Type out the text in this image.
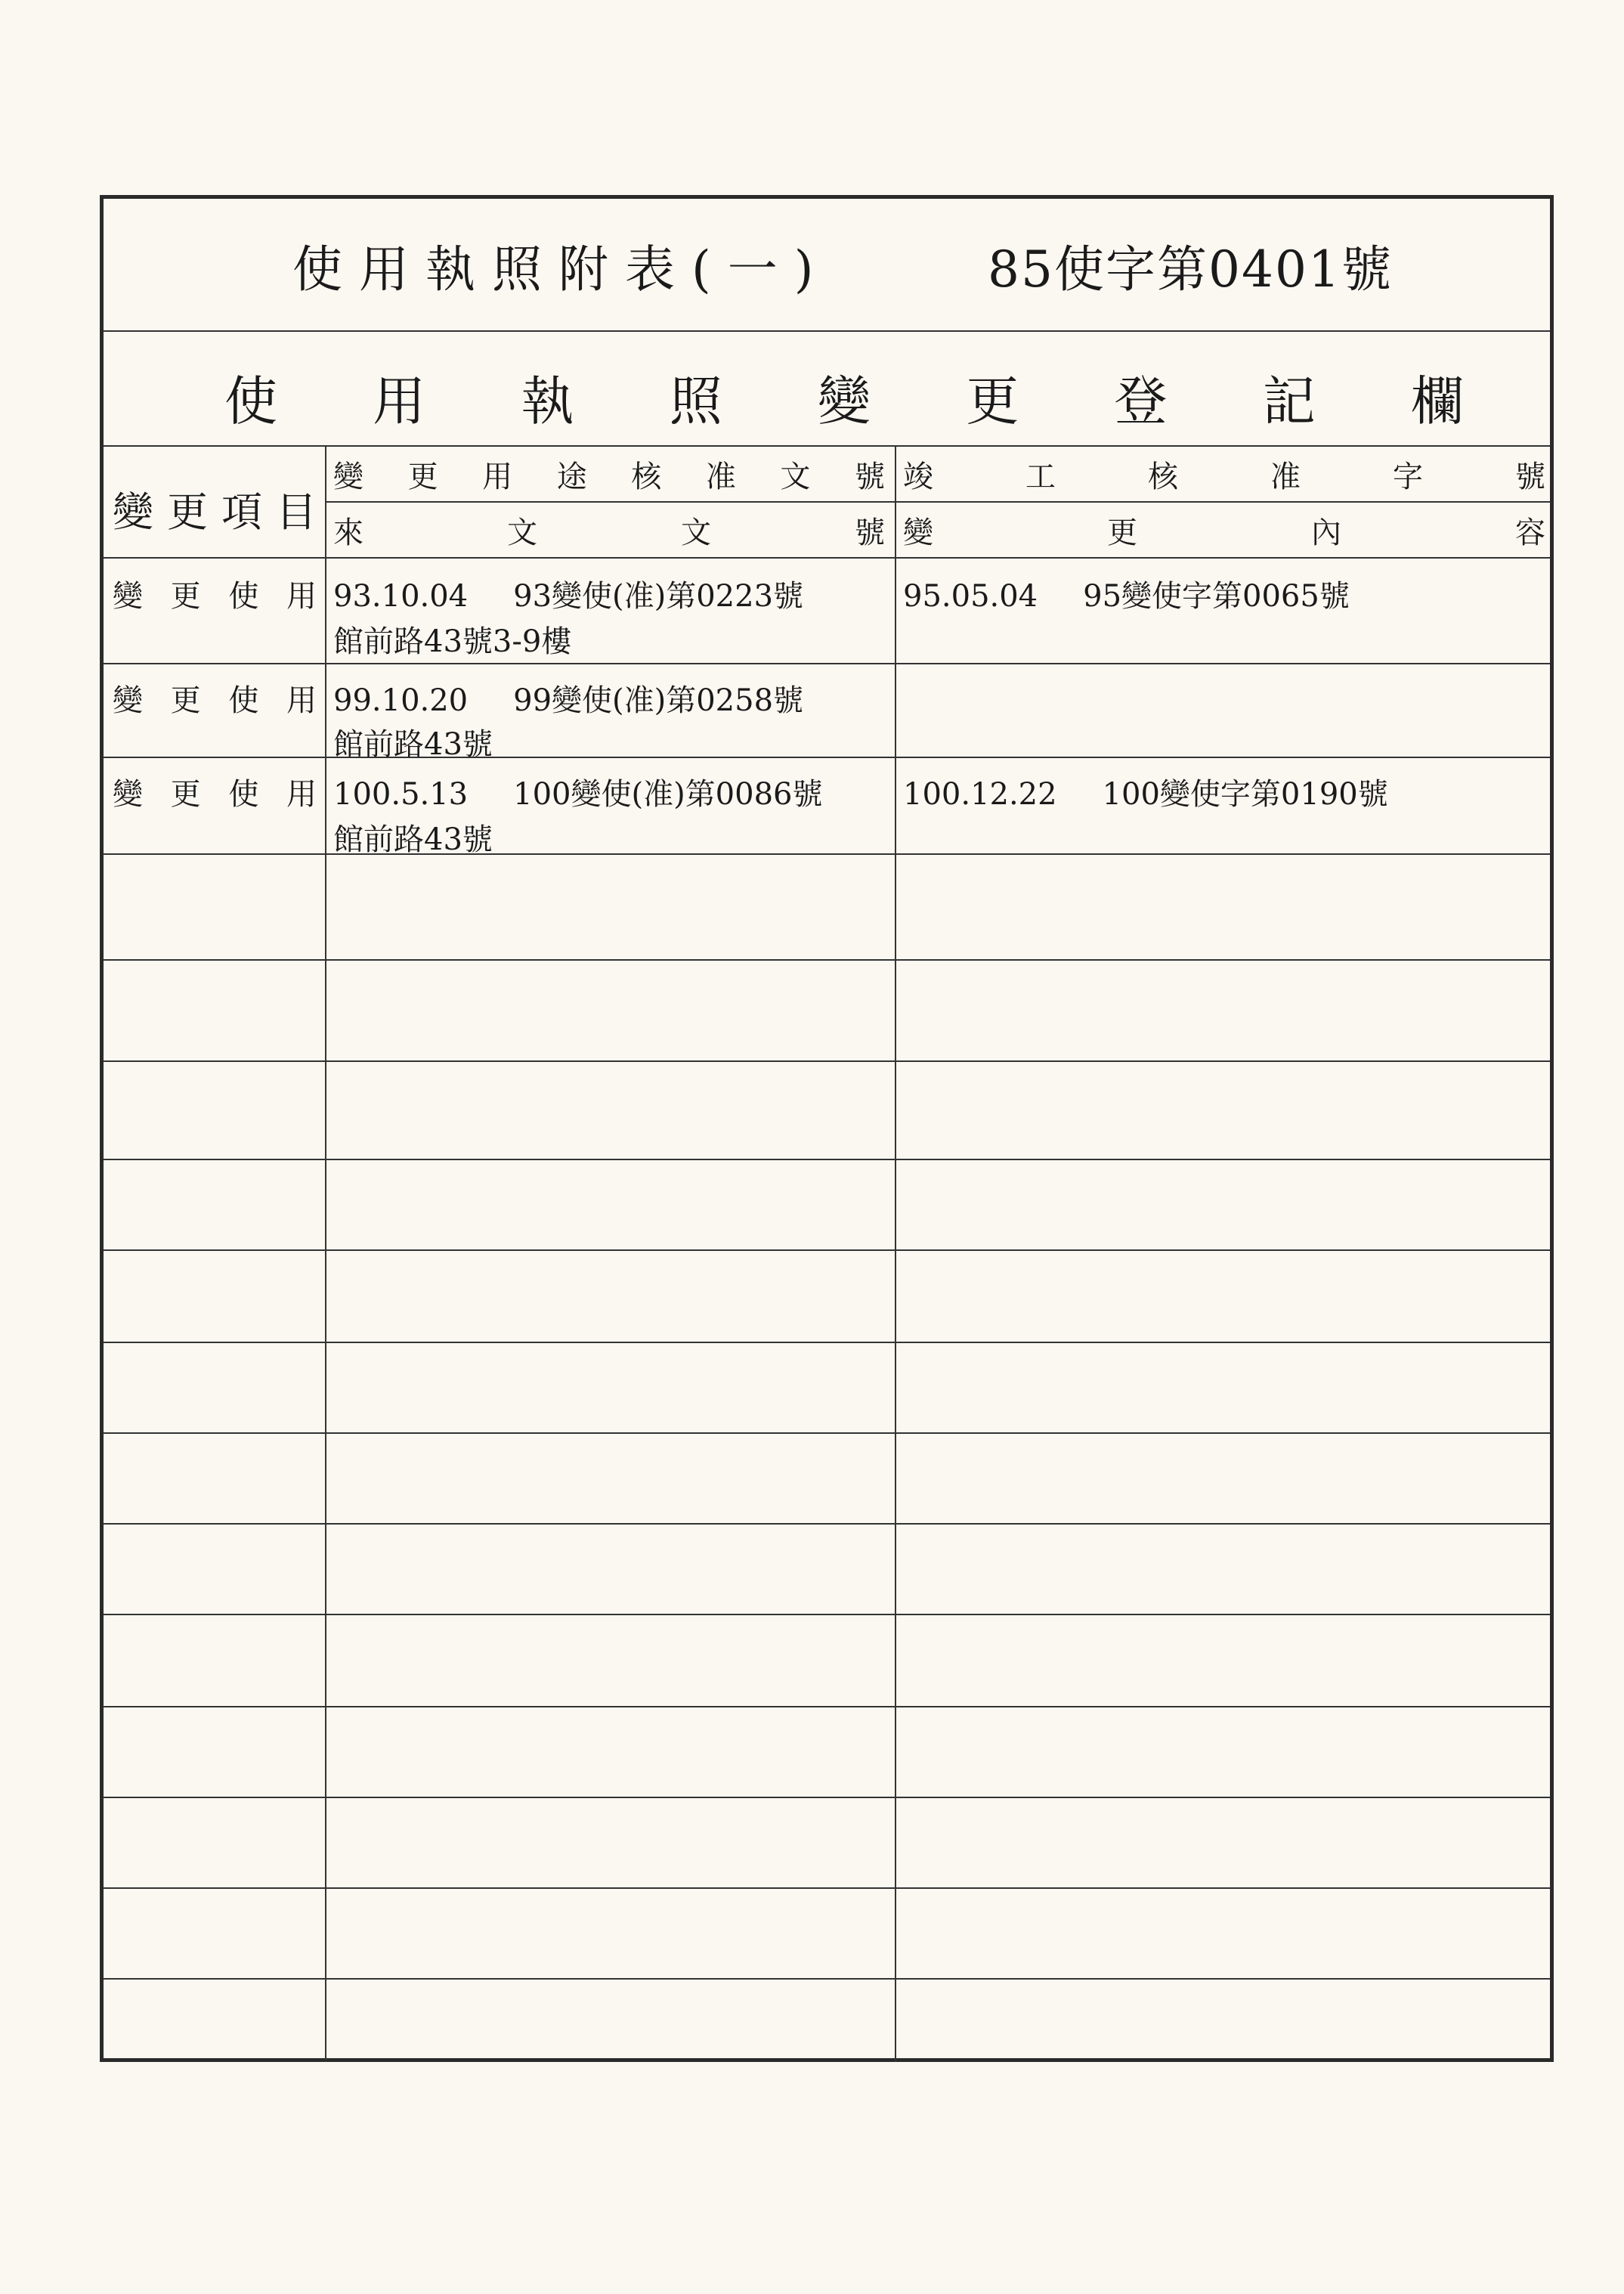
使用執照附表(一)	85使字第0401號
使用執照變更登記欄
變更項目
變更用途核准文號
來文文號
竣工核准字號
變更內容
變更使用 93.10.04 93變使(准)第0223號
館前路43號3-9樓
95.05.04 95變使字第0065號
變更使用 99.10.20 99變使(准)第0258號
館前路43號
變更使用 100.5.13 100變使(准)第0086號
館前路43號
100.12.22 100變使字第0190號
